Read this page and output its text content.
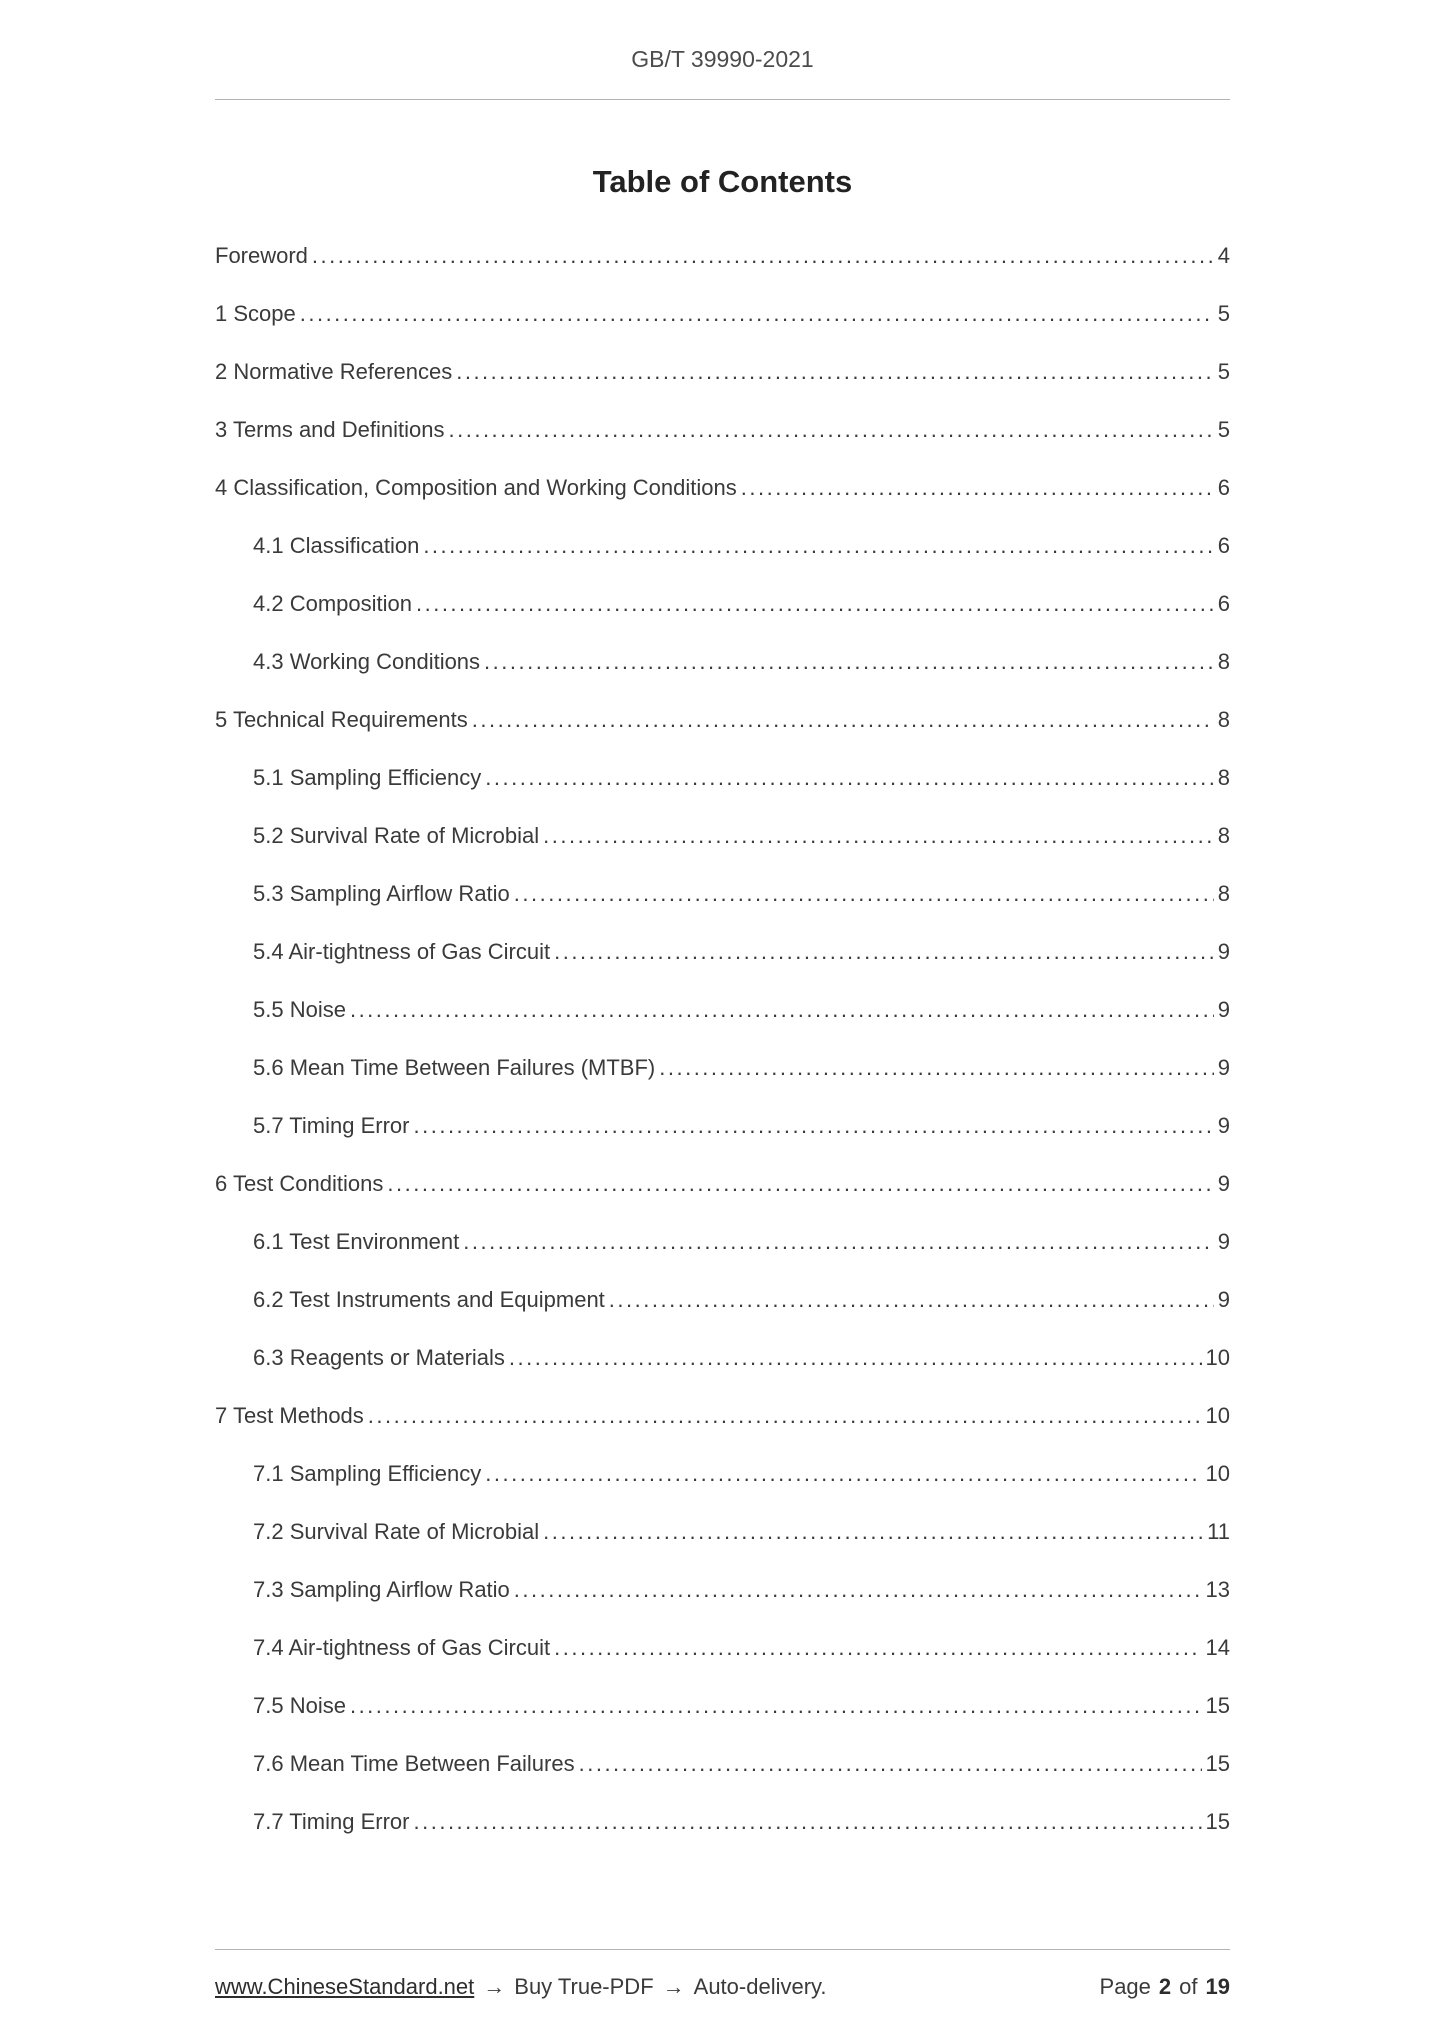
GB/T 39990-2021
Table of Contents
Foreword .....	4
1 Scope .....	5
2 Normative References .....	5
3 Terms and Definitions .....	5
4 Classification, Composition and Working Conditions .....	6
4.1 Classification .....	6
4.2 Composition .....	6
4.3 Working Conditions .....	8
5 Technical Requirements .....	8
5.1 Sampling Efficiency .....	8
5.2 Survival Rate of Microbial .....	8
5.3 Sampling Airflow Ratio .....	8
5.4 Air-tightness of Gas Circuit .....	9
5.5 Noise .....	9
5.6 Mean Time Between Failures (MTBF) .....	9
5.7 Timing Error .....	9
6 Test Conditions .....	9
6.1 Test Environment .....	9
6.2 Test Instruments and Equipment .....	9
6.3 Reagents or Materials .....	10
7 Test Methods .....	10
7.1 Sampling Efficiency .....	10
7.2 Survival Rate of Microbial .....	11
7.3 Sampling Airflow Ratio .....	13
7.4 Air-tightness of Gas Circuit .....	14
7.5 Noise .....	15
7.6 Mean Time Between Failures .....	15
7.7 Timing Error .....	15
www.ChineseStandard.net → Buy True-PDF → Auto-delivery.	Page 2 of 19
